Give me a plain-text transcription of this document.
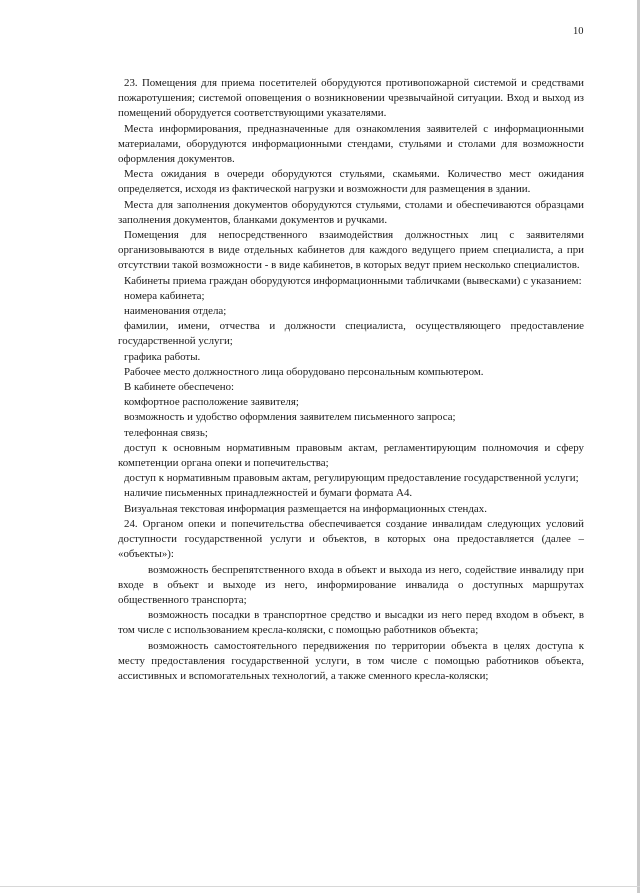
10

23. Помещения для приема посетителей оборудуются противопожарной системой и средствами пожаротушения; системой оповещения о возникновении чрезвычайной ситуации. Вход и выход из помещений оборудуется соответствующими указателями.

Места информирования, предназначенные для ознакомления заявителей с информационными материалами, оборудуются информационными стендами, стульями и столами для возможности оформления документов.

Места ожидания в очереди оборудуются стульями, скамьями. Количество мест ожидания определяется, исходя из фактической нагрузки и возможности для размещения в здании.

Места для заполнения документов оборудуются стульями, столами и обеспечиваются образцами заполнения документов, бланками документов и ручками.

Помещения для непосредственного взаимодействия должностных лиц с заявителями организовываются в виде отдельных кабинетов для каждого ведущего прием специалиста, а при отсутствии такой возможности - в виде кабинетов, в которых ведут прием несколько специалистов.

Кабинеты приема граждан оборудуются информационными табличками (вывесками) с указанием:

номера кабинета;

наименования отдела;

фамилии, имени, отчества и должности специалиста, осуществляющего предоставление государственной услуги;

графика работы.

Рабочее место должностного лица оборудовано персональным компьютером.

В кабинете обеспечено:

комфортное расположение заявителя;

возможность и удобство оформления заявителем письменного запроса;

телефонная связь;

доступ к основным нормативным правовым актам, регламентирующим полномочия и сферу компетенции органа опеки и попечительства;

доступ к нормативным правовым актам, регулирующим предоставление государственной услуги;

наличие письменных принадлежностей и бумаги формата А4.

Визуальная текстовая информация размещается на информационных стендах.

24. Органом опеки и попечительства обеспечивается создание инвалидам следующих условий доступности государственной услуги и объектов, в которых она предоставляется (далее – «объекты»):

возможность беспрепятственного входа в объект и выхода из него, содействие инвалиду при входе в объект и выходе из него, информирование инвалида о доступных маршрутах общественного транспорта;

возможность посадки в транспортное средство и высадки из него перед входом в объект, в том числе с использованием кресла-коляски, с помощью работников объекта;

возможность самостоятельного передвижения по территории объекта в целях доступа к месту предоставления государственной услуги, в том числе с помощью работников объекта, ассистивных и вспомогательных технологий, а также сменного кресла-коляски;
